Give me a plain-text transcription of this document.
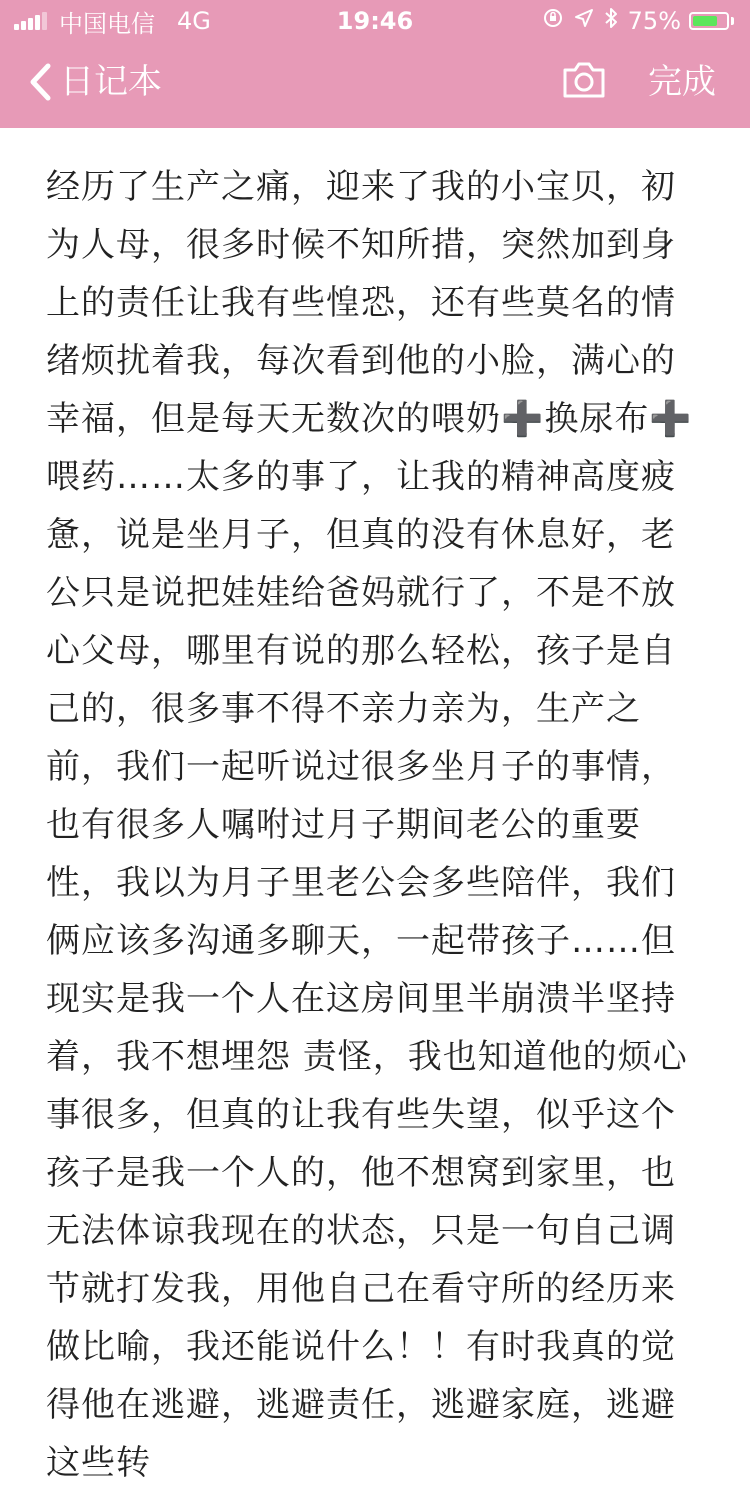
中国电信 4G	19:46	75%
日记本	完成

经历了生产之痛，迎来了我的小宝贝，初为人母，很多时候不知所措，突然加到身上的责任让我有些惶恐，还有些莫名的情绪烦扰着我，每次看到他的小脸，满心的幸福，但是每天无数次的喂奶➕换尿布➕喂药……太多的事了，让我的精神高度疲惫，说是坐月子，但真的没有休息好，老公只是说把娃娃给爸妈就行了，不是不放心父母，哪里有说的那么轻松，孩子是自己的，很多事不得不亲力亲为，生产之前，我们一起听说过很多坐月子的事情，也有很多人嘱咐过月子期间老公的重要性，我以为月子里老公会多些陪伴，我们俩应该多沟通多聊天，一起带孩子……但现实是我一个人在这房间里半崩溃半坚持着，我不想埋怨 责怪，我也知道他的烦心事很多，但真的让我有些失望，似乎这个孩子是我一个人的，他不想窝到家里，也无法体谅我现在的状态，只是一句自己调节就打发我，用他自己在看守所的经历来做比喻，我还能说什么！！有时我真的觉得他在逃避，逃避责任，逃避家庭，逃避这些转
